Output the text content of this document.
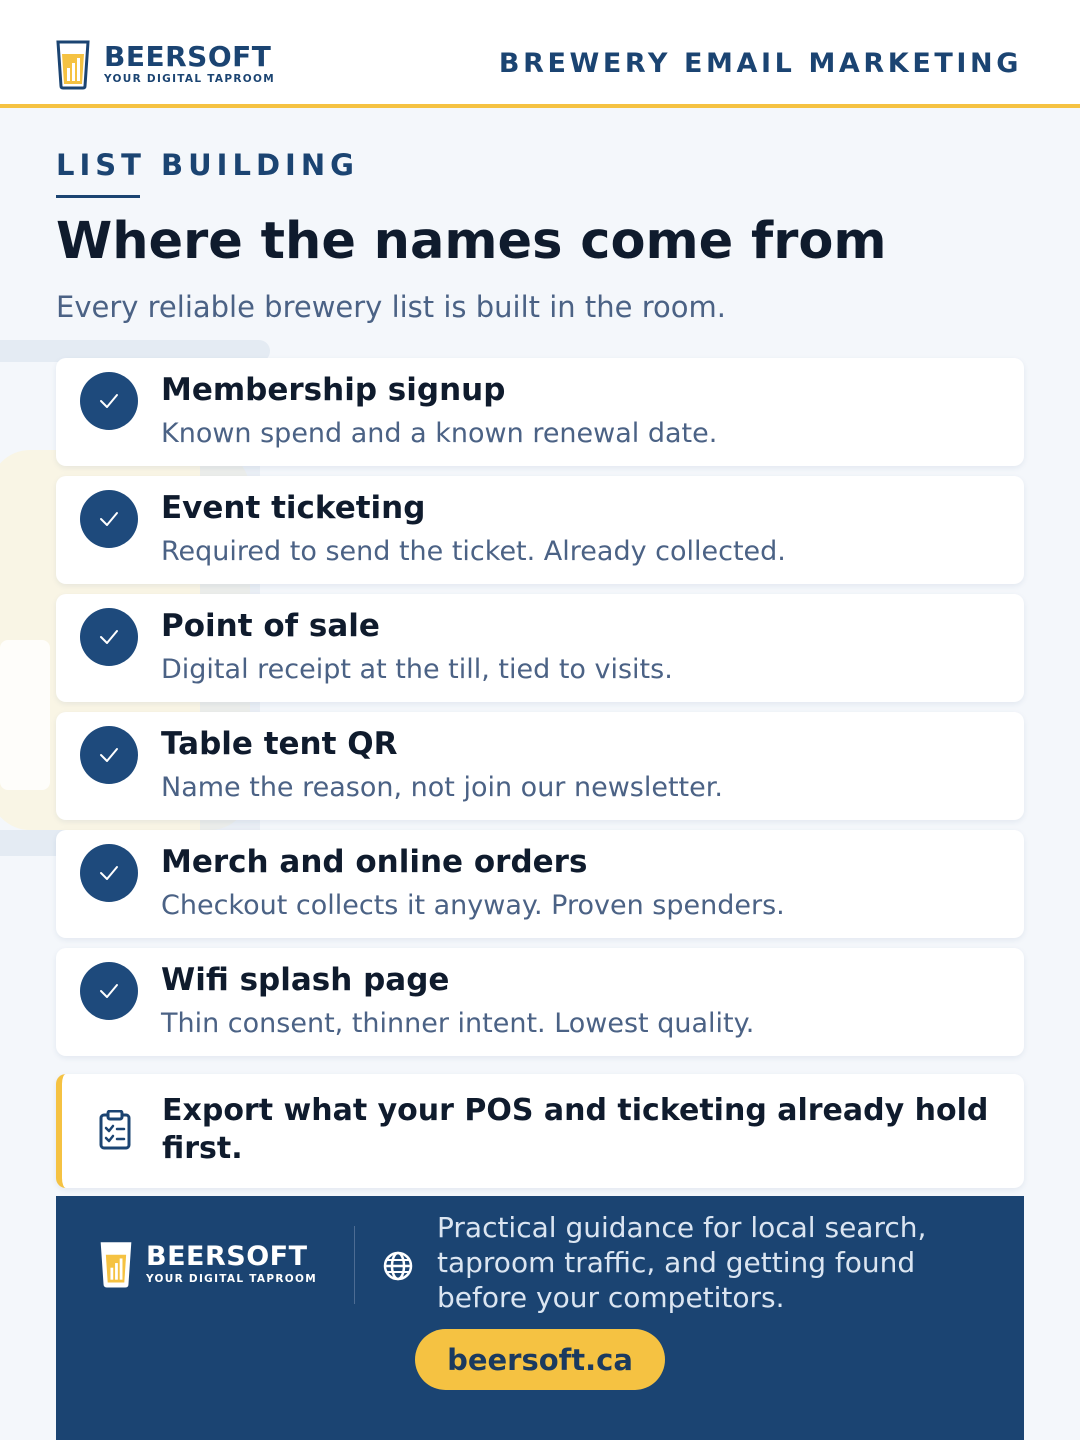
BEERSOFT
YOUR DIGITAL TAPROOM	BREWERY EMAIL MARKETING
LIST BUILDING
Where the names come from
Every reliable brewery list is built in the room.
Membership signup
Known spend and a known renewal date.
Event ticketing
Required to send the ticket. Already collected.
Point of sale
Digital receipt at the till, tied to visits.
Table tent QR
Name the reason, not join our newsletter.
Merch and online orders
Checkout collects it anyway. Proven spenders.
Wifi splash page
Thin consent, thinner intent. Lowest quality.
Export what your POS and ticketing already hold first.
BEERSOFT
YOUR DIGITAL TAPROOM
Practical guidance for local search, taproom traffic, and getting found before your competitors.
beersoft.ca
